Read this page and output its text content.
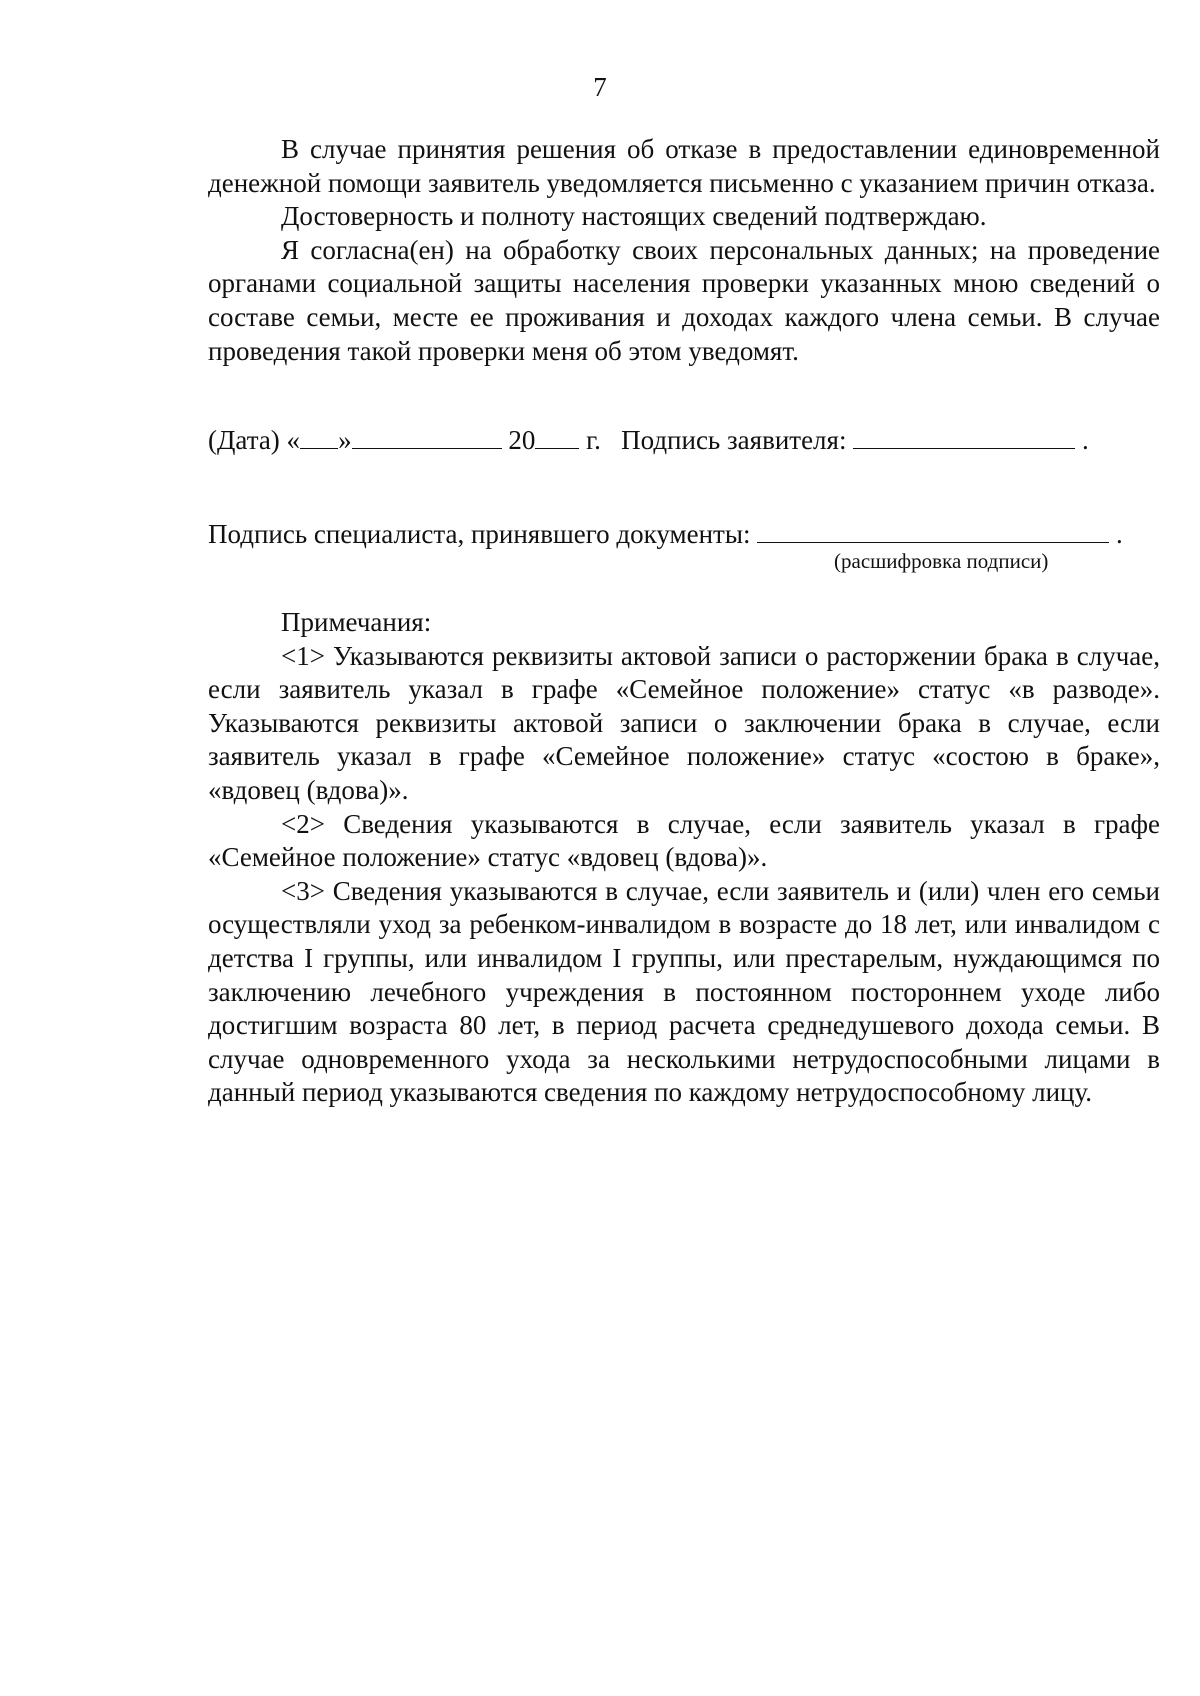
7

В случае принятия решения об отказе в предоставлении единовременной денежной помощи заявитель уведомляется письменно с указанием причин отказа.

Достоверность и полноту настоящих сведений подтверждаю.

Я согласна(ен) на обработку своих персональных данных; на проведение органами социальной защиты населения проверки указанных мною сведений о составе семьи, месте ее проживания и доходах каждого члена семьи. В случае проведения такой проверки меня об этом уведомят.

(Дата) « »	20 г. Подпись заявителя:	.
Подпись специалиста, принявшего документы:	.
(расшифровка подписи)

Примечания:

<1> Указываются реквизиты актовой записи о расторжении брака в случае, если заявитель указал в графе «Семейное положение» статус «в разводе». Указываются реквизиты актовой записи о заключении брака в случае, если заявитель указал в графе «Семейное положение» статус «состою в браке», «вдовец (вдова)».

<2> Сведения указываются в случае, если заявитель указал в графе «Семейное положение» статус «вдовец (вдова)».

<3> Сведения указываются в случае, если заявитель и (или) член его семьи осуществляли уход за ребенком-инвалидом в возрасте до 18 лет, или инвалидом с детства I группы, или инвалидом I группы, или престарелым, нуждающимся по заключению лечебного учреждения в постоянном постороннем уходе либо достигшим возраста 80 лет, в период расчета среднедушевого дохода семьи. В случае одновременного ухода за несколькими нетрудоспособными лицами в данный период указываются сведения по каждому нетрудоспособному лицу.
